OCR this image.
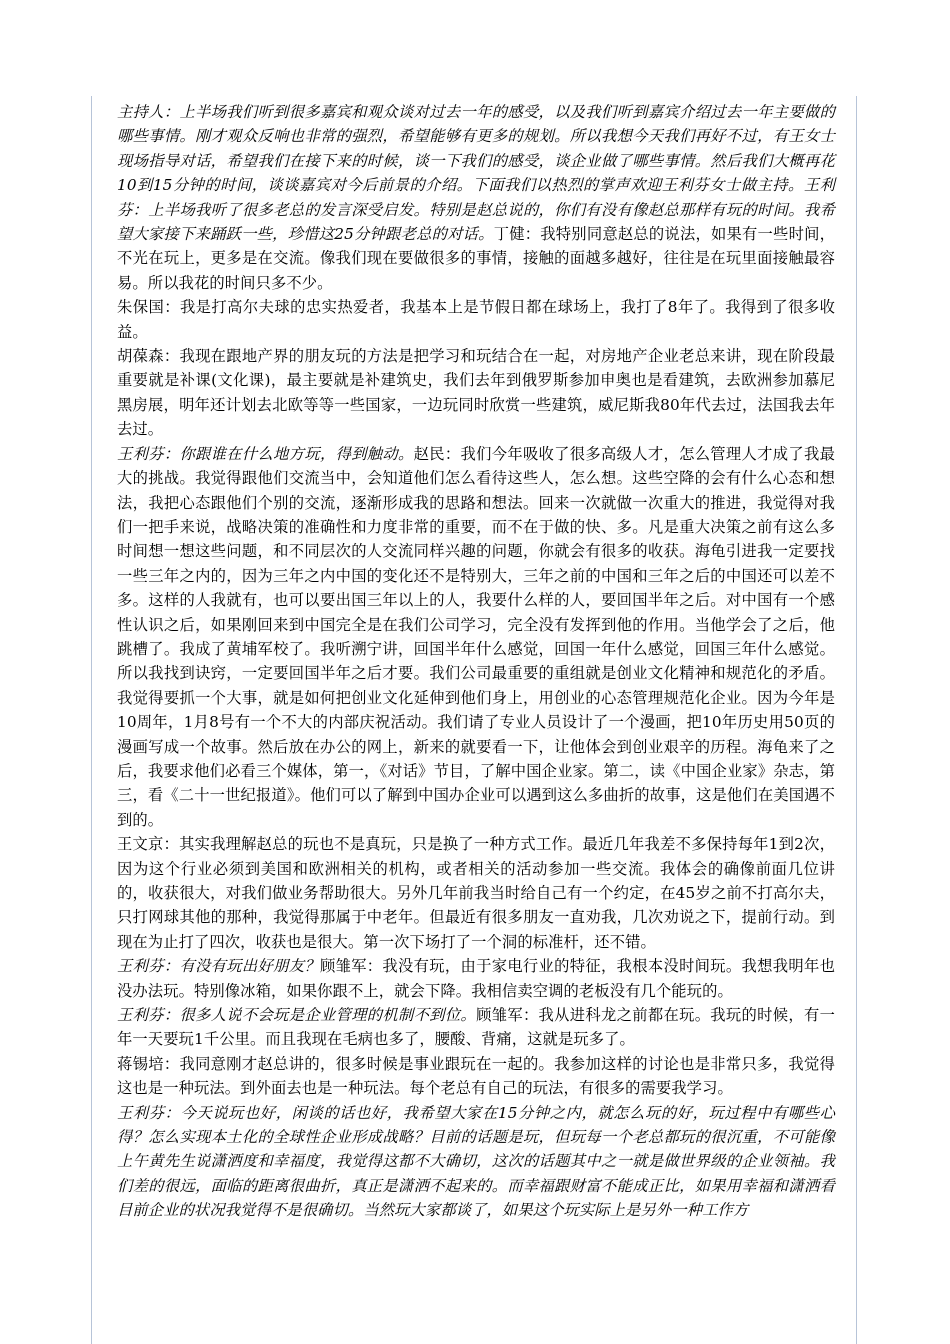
主持人：上半场我们听到很多嘉宾和观众谈对过去一年的感受，以及我们听到嘉宾介绍过去一年主要做的哪些事情。刚才观众反响也非常的强烈，希望能够有更多的规划。所以我想今天我们再好不过，有王女士现场指导对话，希望我们在接下来的时候，谈一下我们的感受，谈企业做了哪些事情。然后我们大概再花10到15分钟的时间，谈谈嘉宾对今后前景的介绍。下面我们以热烈的掌声欢迎王利芬女士做主持。王利芬：上半场我听了很多老总的发言深受启发。特别是赵总说的，你们有没有像赵总那样有玩的时间。我希望大家接下来踊跃一些，珍惜这25分钟跟老总的对话。丁健：我特别同意赵总的说法，如果有一些时间，不光在玩上，更多是在交流。像我们现在要做很多的事情，接触的面越多越好，往往是在玩里面接触最容易。所以我花的时间只多不少。

朱保国：我是打高尔夫球的忠实热爱者，我基本上是节假日都在球场上，我打了8年了。我得到了很多收益。

胡葆森：我现在跟地产界的朋友玩的方法是把学习和玩结合在一起，对房地产企业老总来讲，现在阶段最重要就是补课(文化课)，最主要就是补建筑史，我们去年到俄罗斯参加申奥也是看建筑，去欧洲参加慕尼黑房展，明年还计划去北欧等等一些国家，一边玩同时欣赏一些建筑，威尼斯我80年代去过，法国我去年去过。

王利芬：你跟谁在什么地方玩，得到触动。赵民：我们今年吸收了很多高级人才，怎么管理人才成了我最大的挑战。我觉得跟他们交流当中，会知道他们怎么看待这些人，怎么想。这些空降的会有什么心态和想法，我把心态跟他们个别的交流，逐渐形成我的思路和想法。回来一次就做一次重大的推进，我觉得对我们一把手来说，战略决策的准确性和力度非常的重要，而不在于做的快、多。凡是重大决策之前有这么多时间想一想这些问题，和不同层次的人交流同样兴趣的问题，你就会有很多的收获。海龟引进我一定要找一些三年之内的，因为三年之内中国的变化还不是特别大，三年之前的中国和三年之后的中国还可以差不多。这样的人我就有，也可以要出国三年以上的人，我要什么样的人，要回国半年之后。对中国有一个感性认识之后，如果刚回来到中国完全是在我们公司学习，完全没有发挥到他的作用。当他学会了之后，他跳槽了。我成了黄埔军校了。我听溯宁讲，回国半年什么感觉，回国一年什么感觉，回国三年什么感觉。所以我找到诀窍，一定要回国半年之后才要。我们公司最重要的重组就是创业文化精神和规范化的矛盾。我觉得要抓一个大事，就是如何把创业文化延伸到他们身上，用创业的心态管理规范化企业。因为今年是10周年，1月8号有一个不大的内部庆祝活动。我们请了专业人员设计了一个漫画，把10年历史用50页的漫画写成一个故事。然后放在办公的网上，新来的就要看一下，让他体会到创业艰辛的历程。海龟来了之后，我要求他们必看三个媒体，第一，《对话》节目，了解中国企业家。第二，读《中国企业家》杂志，第三，看《二十一世纪报道》。他们可以了解到中国办企业可以遇到这么多曲折的故事，这是他们在美国遇不到的。

王文京：其实我理解赵总的玩也不是真玩，只是换了一种方式工作。最近几年我差不多保持每年1到2次，因为这个行业必须到美国和欧洲相关的机构，或者相关的活动参加一些交流。我体会的确像前面几位讲的，收获很大，对我们做业务帮助很大。另外几年前我当时给自己有一个约定，在45岁之前不打高尔夫，只打网球其他的那种，我觉得那属于中老年。但最近有很多朋友一直劝我，几次劝说之下，提前行动。到现在为止打了四次，收获也是很大。第一次下场打了一个洞的标准杆，还不错。

王利芬：有没有玩出好朋友？顾雏军：我没有玩，由于家电行业的特征，我根本没时间玩。我想我明年也没办法玩。特别像冰箱，如果你跟不上，就会下降。我相信卖空调的老板没有几个能玩的。

王利芬：很多人说不会玩是企业管理的机制不到位。顾雏军：我从进科龙之前都在玩。我玩的时候，有一年一天要玩1千公里。而且我现在毛病也多了，腰酸、背痛，这就是玩多了。

蒋锡培：我同意刚才赵总讲的，很多时候是事业跟玩在一起的。我参加这样的讨论也是非常只多，我觉得这也是一种玩法。到外面去也是一种玩法。每个老总有自己的玩法，有很多的需要我学习。

王利芬：今天说玩也好，闲谈的话也好，我希望大家在15分钟之内，就怎么玩的好，玩过程中有哪些心得？怎么实现本土化的全球性企业形成战略？目前的话题是玩，但玩每一个老总都玩的很沉重，不可能像上午黄先生说潇洒度和幸福度，我觉得这都不大确切，这次的话题其中之一就是做世界级的企业领袖。我们差的很远，面临的距离很曲折，真正是潇洒不起来的。而幸福跟财富不能成正比，如果用幸福和潇洒看目前企业的状况我觉得不是很确切。当然玩大家都谈了，如果这个玩实际上是另外一种工作方
